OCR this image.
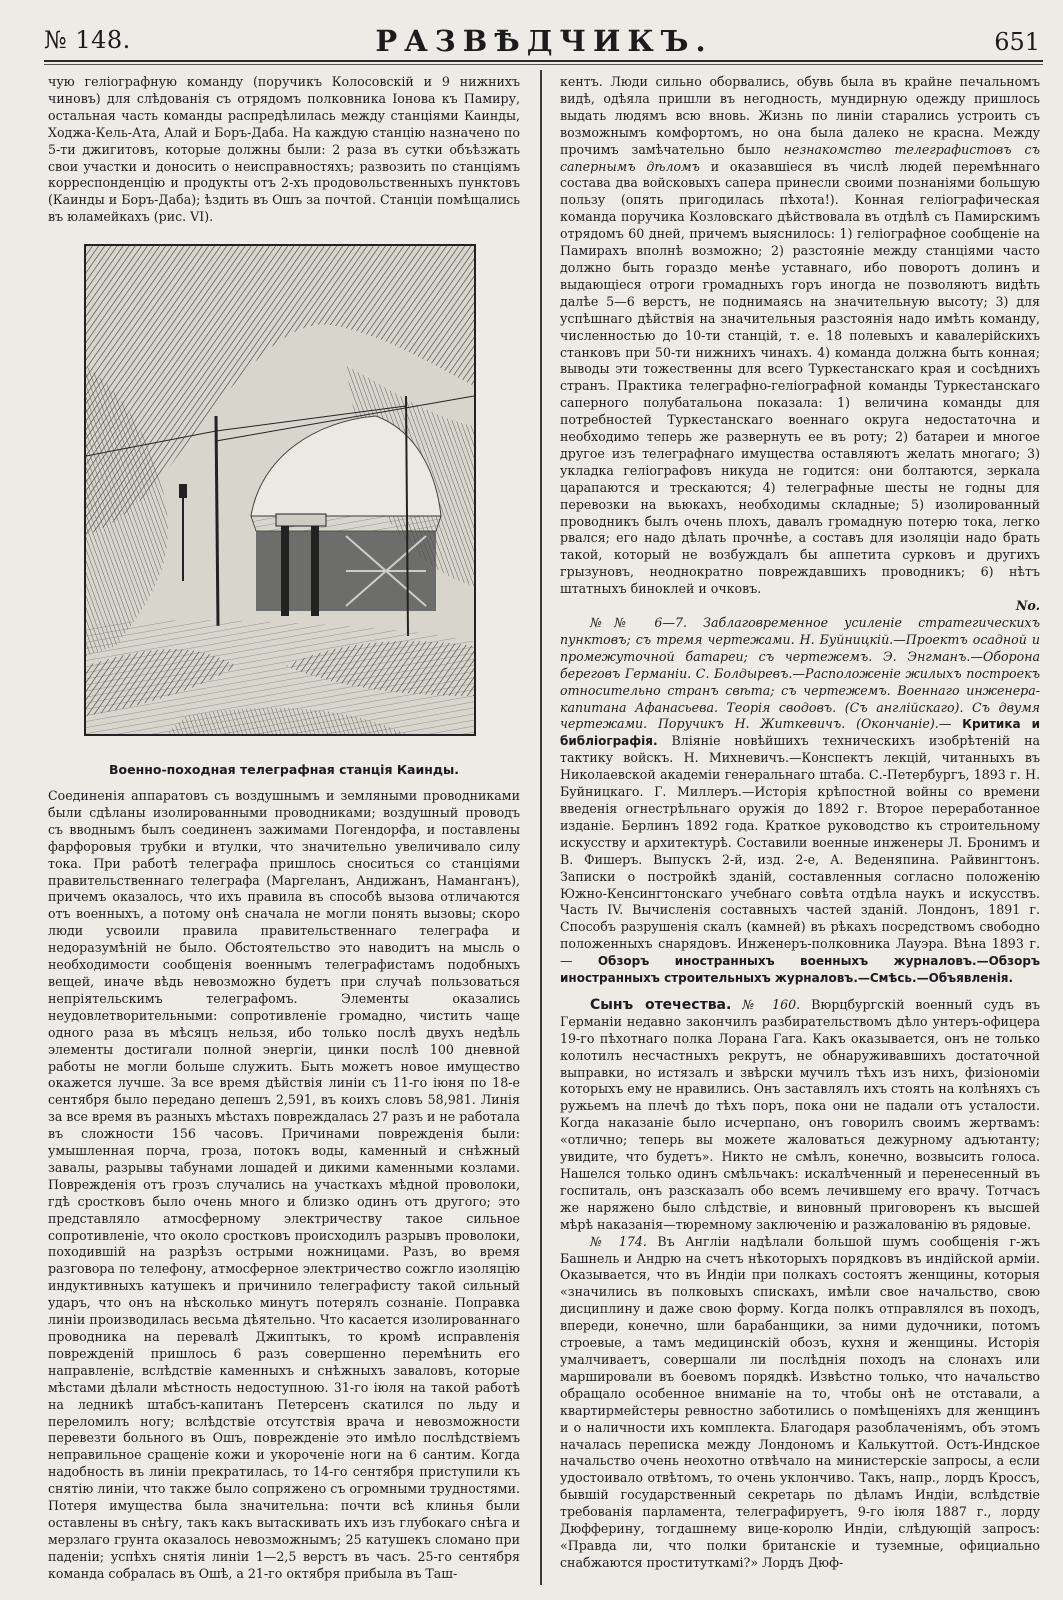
№ 148.	РАЗВѢДЧИКЪ.	651

чую геліографную команду (поручикъ Колосовскій и 9 нижнихъ чиновъ) для слѣдованія съ отрядомъ полковника Іонова къ Памиру, остальная часть команды распредѣлилась между станціями Каинды, Ходжа-Кель-Ата, Алай и Боръ-Даба. На каждую станцію назначено по 5-ти джигитовъ, которые должны были: 2 раза въ сутки объѣзжать свои участки и доносить о неисправностяхъ; развозить по станціямъ корреспонденцію и продукты отъ 2-хъ продовольственныхъ пунктовъ (Каинды и Боръ-Даба); ѣздить въ Ошъ за почтой. Станціи помѣщались въ юламейкахъ (рис. VI).

Военно-походная телеграфная станція Каинды.

Соединенія аппаратовъ съ воздушнымъ и земляными проводниками были сдѣланы изолированными проводниками; воздушный проводъ съ вводнымъ былъ соединенъ зажимами Погендорфа, и поставлены фарфоровыя трубки и втулки, что значительно увеличивало силу тока. При работѣ телеграфа пришлось сноситься со станціями правительственнаго телеграфа (Маргеланъ, Андижанъ, Наманганъ), причемъ оказалось, что ихъ правила въ способѣ вызова отличаются отъ военныхъ, а потому онѣ сначала не могли понять вызовы; скоро люди усвоили правила правительственнаго телеграфа и недоразумѣній не было. Обстоятельство это наводитъ на мысль о необходимости сообщенія военнымъ телеграфистамъ подобныхъ вещей, иначе вѣдь невозможно будетъ при случаѣ пользоваться непріятельскимъ телеграфомъ. Элементы оказались неудовлетворительными: сопротивленіе громадно, чистить чаще одного раза въ мѣсяцъ нельзя, ибо только послѣ двухъ недѣль элементы достигали полной энергіи, цинки послѣ 100 дневной работы не могли больше служить. Быть можетъ новое имущество окажется лучше. За все время дѣйствія линіи съ 11-го іюня по 18-е сентября было передано депешъ 2,591, въ коихъ словъ 58,981. Линія за все время въ разныхъ мѣстахъ повреждалась 27 разъ и не работала въ сложности 156 часовъ. Причинами поврежденія были: умышленная порча, гроза, потокъ воды, каменный и снѣжный завалы, разрывы табунами лошадей и дикими каменными козлами. Поврежденія отъ грозъ случались на участкахъ мѣдной проволоки, гдѣ сростковъ было очень много и близко одинъ отъ другого; это представляло атмосферному электричеству такое сильное сопротивленіе, что около сростковъ происходилъ разрывъ проволоки, походившій на разрѣзъ острыми ножницами. Разъ, во время разговора по телефону, атмосферное электричество сожгло изоляцію индуктивныхъ катушекъ и причинило телеграфисту такой сильный ударъ, что онъ на нѣсколько минутъ потерялъ сознаніе. Поправка линіи производилась весьма дѣятельно. Что касается изолированнаго проводника на перевалѣ Джиптыкъ, то кромѣ исправленія поврежденій пришлось 6 разъ совершенно перемѣнить его направленіе, вслѣдствіе каменныхъ и снѣжныхъ заваловъ, которые мѣстами дѣлали мѣстность недоступною. 31-го іюля на такой работѣ на ледникѣ штабсъ-капитанъ Петерсенъ скатился по льду и переломилъ ногу; вслѣдствіе отсутствія врача и невозможности перевезти больного въ Ошъ, поврежденіе это имѣло послѣдствіемъ неправильное сращеніе кожи и укороченіе ноги на 6 сантим. Когда надобность въ линіи прекратилась, то 14-го сентября приступили къ снятію линіи, что также было сопряжено съ огромными трудностями. Потеря имущества была значительна: почти всѣ клинья были оставлены въ снѣгу, такъ какъ вытаскивать ихъ изъ глубокаго снѣга и мерзлаго грунта оказалось невозможнымъ; 25 катушекъ сломано при паденіи; успѣхъ снятія линіи 1—2,5 верстъ въ часъ. 25-го сентября команда собралась въ Ошѣ, а 21-го октября прибыла въ Таш-

кентъ. Люди сильно оборвались, обувь была въ крайне печальномъ видѣ, одѣяла пришли въ негодность, мундирную одежду пришлось выдать людямъ всю вновь. Жизнь по линіи старались устроить съ возможнымъ комфортомъ, но она была далеко не красна. Между прочимъ замѣчательно было незнакомство телеграфистовъ съ сапернымъ дѣломъ и оказавшіеся въ числѣ людей перемѣннаго состава два войсковыхъ сапера принесли своими познаніями большую пользу (опять пригодилась пѣхота!). Конная геліографическая команда поручика Козловскаго дѣйствовала въ отдѣлѣ съ Памирскимъ отрядомъ 60 дней, причемъ выяснилось: 1) геліографное сообщеніе на Памирахъ вполнѣ возможно; 2) разстояніе между станціями часто должно быть гораздо менѣе уставнаго, ибо поворотъ долинъ и выдающіеся отроги громадныхъ горъ иногда не позволяютъ видѣть далѣе 5—6 верстъ, не поднимаясь на значительную высоту; 3) для успѣшнаго дѣйствія на значительныя разстоянія надо имѣть команду, численностью до 10-ти станцій, т. е. 18 полевыхъ и кавалерійскихъ станковъ при 50-ти нижнихъ чинахъ. 4) команда должна быть конная; выводы эти тожественны для всего Туркестанскаго края и сосѣднихъ странъ. Практика телеграфно-геліографной команды Туркестанскаго саперного полубатальона показала: 1) величина команды для потребностей Туркестанскаго военнаго округа недостаточна и необходимо теперь же развернуть ее въ роту; 2) батареи и многое другое изъ телеграфнаго имущества оставляютъ желать многаго; 3) укладка геліографовъ никуда не годится: они болтаются, зеркала царапаются и трескаются; 4) телеграфные шесты не годны для перевозки на вьюкахъ, необходимы складные; 5) изолированный проводникъ былъ очень плохъ, давалъ громадную потерю тока, легко рвался; его надо дѣлать прочнѣе, а составъ для изоляціи надо брать такой, который не возбуждалъ бы аппетита сурковъ и другихъ грызуновъ, неоднократно повреждавшихъ проводникъ; 6) нѣтъ штатныхъ биноклей и очковъ.

No.

№№ 6—7. Заблаговременное усиленіе стратегическихъ пунктовъ; съ тремя чертежами. Н. Буйницкій.—Проектъ осадной и промежуточной батареи; съ чертежемъ. Э. Энгманъ.—Оборона береговъ Германіи. С. Болдыревъ.—Расположеніе жилыхъ построекъ относительно странъ свѣта; съ чертежемъ. Военнаго инженера-капитана Афанасьева. Теорія сводовъ. (Съ англійскаго). Съ двумя чертежами. Поручикъ Н. Житкевичъ. (Окончаніе).— Критика и библіографія. Вліяніе новѣйшихъ техническихъ изобрѣтеній на тактику войскъ. Н. Михневичъ.—Конспектъ лекцій, читанныхъ въ Николаевской академіи генеральнаго штаба. С.-Петербургъ, 1893 г. Н. Буйницкаго. Г. Миллеръ.—Исторія крѣпостной войны со времени введенія огнестрѣльнаго оружія до 1892 г. Второе переработанное изданіе. Берлинъ 1892 года. Краткое руководство къ строительному искусству и архитектурѣ. Составили военные инженеры Л. Бронимъ и В. Фишеръ. Выпускъ 2-й, изд. 2-е, А. Веденяпина. Райвингтонъ. Записки о постройкѣ зданій, составленныя согласно положенію Южно-Кенсингтонскаго учебнаго совѣта отдѣла наукъ и искусствъ. Часть IV. Вычисленія составныхъ частей зданій. Лондонъ, 1891 г. Способъ разрушенія скалъ (камней) въ рѣкахъ посредствомъ свободно положенныхъ снарядовъ. Инженеръ-полковника Лауэра. Вѣна 1893 г.— Обзоръ иностранныхъ военныхъ журналовъ.—Обзоръ иностранныхъ строительныхъ журналовъ.—Смѣсь.—Объявленія.

Сынъ отечества. № 160. Вюрцбургскій военный судъ въ Германіи недавно закончилъ разбирательствомъ дѣло унтеръ-офицера 19-го пѣхотнаго полка Лорана Гага. Какъ оказывается, онъ не только колотилъ несчастныхъ рекрутъ, не обнаруживавшихъ достаточной выправки, но истязалъ и звѣрски мучилъ тѣхъ изъ нихъ, физіономіи которыхъ ему не нравились. Онъ заставлялъ ихъ стоять на колѣняхъ съ ружьемъ на плечѣ до тѣхъ поръ, пока они не падали отъ усталости. Когда наказаніе было исчерпано, онъ говорилъ своимъ жертвамъ: «отлично; теперь вы можете жаловаться дежурному адъютанту; увидите, что будетъ». Никто не смѣлъ, конечно, возвысить голоса. Нашелся только одинъ смѣльчакъ: искалѣченный и перенесенный въ госпиталь, онъ разсказалъ обо всемъ лечившему его врачу. Тотчасъ же наряжено было слѣдствіе, и виновный приговоренъ къ высшей мѣрѣ наказанія—тюремному заключенію и разжалованію въ рядовые.

№ 174. Въ Англіи надѣлали большой шумъ сообщенія г-жъ Башнель и Андрю на счетъ нѣкоторыхъ порядковъ въ индійской арміи. Оказывается, что въ Индіи при полкахъ состоятъ женщины, которыя «значились въ полковыхъ спискахъ, имѣли свое начальство, свою дисциплину и даже свою форму. Когда полкъ отправлялся въ походъ, впереди, конечно, шли барабанщики, за ними дудочники, потомъ строевые, а тамъ медицинскій обозъ, кухня и женщины. Исторія умалчиваетъ, совершали ли послѣднія походъ на слонахъ или маршировали въ боевомъ порядкѣ. Извѣстно только, что начальство обращало особенное вниманіе на то, чтобы онѣ не отставали, а квартирмейстеры ревностно заботились о помѣщеніяхъ для женщинъ и о наличности ихъ комплекта. Благодаря разоблаченіямъ, объ этомъ началась переписка между Лондономъ и Калькуттой. Остъ-Индское начальство очень неохотно отвѣчало на министерскіе запросы, а если удостоивало отвѣтомъ, то очень уклончиво. Такъ, напр., лордъ Кроссъ, бывшій государственный секретарь по дѣламъ Индіи, вслѣдствіе требованія парламента, телеграфируетъ, 9-го іюля 1887 г., лорду Дюфферину, тогдашнему вице-королю Индіи, слѣдующій запросъ: «Правда ли, что полки британскіе и туземные, официально снабжаются проституткамі?» Лордъ Дюф-
